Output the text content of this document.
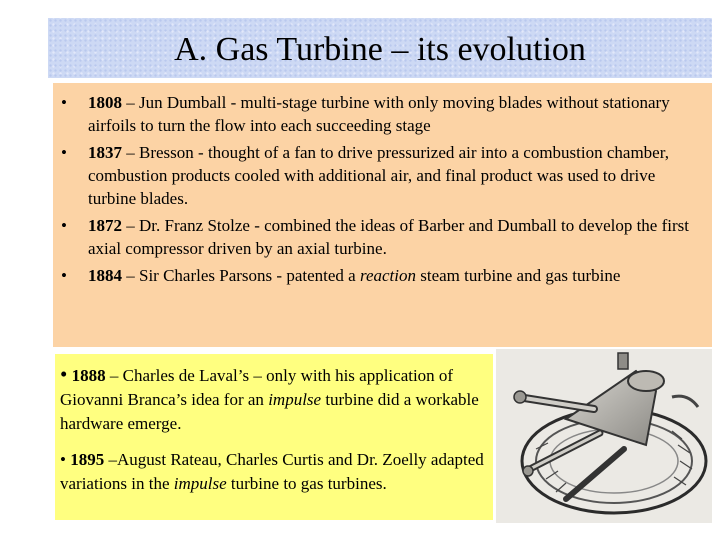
A. Gas Turbine – its evolution
• 1808 – Jun Dumball - multi-stage turbine with only moving blades without stationary airfoils to turn the flow into each succeeding stage
• 1837 – Bresson - thought of a fan to drive pressurized air into a combustion chamber, combustion products cooled with additional air, and final product was used to drive turbine blades.
• 1872 – Dr. Franz Stolze - combined the ideas of Barber and Dumball to develop the first axial compressor driven by an axial turbine.
• 1884 – Sir Charles Parsons - patented a reaction steam turbine and gas turbine

• 1888 – Charles de Laval’s – only with his application of Giovanni Branca’s idea for an impulse turbine did a workable hardware emerge.

• 1895 –August Rateau, Charles Curtis and Dr. Zoelly adapted variations in the impulse turbine to gas turbines.
